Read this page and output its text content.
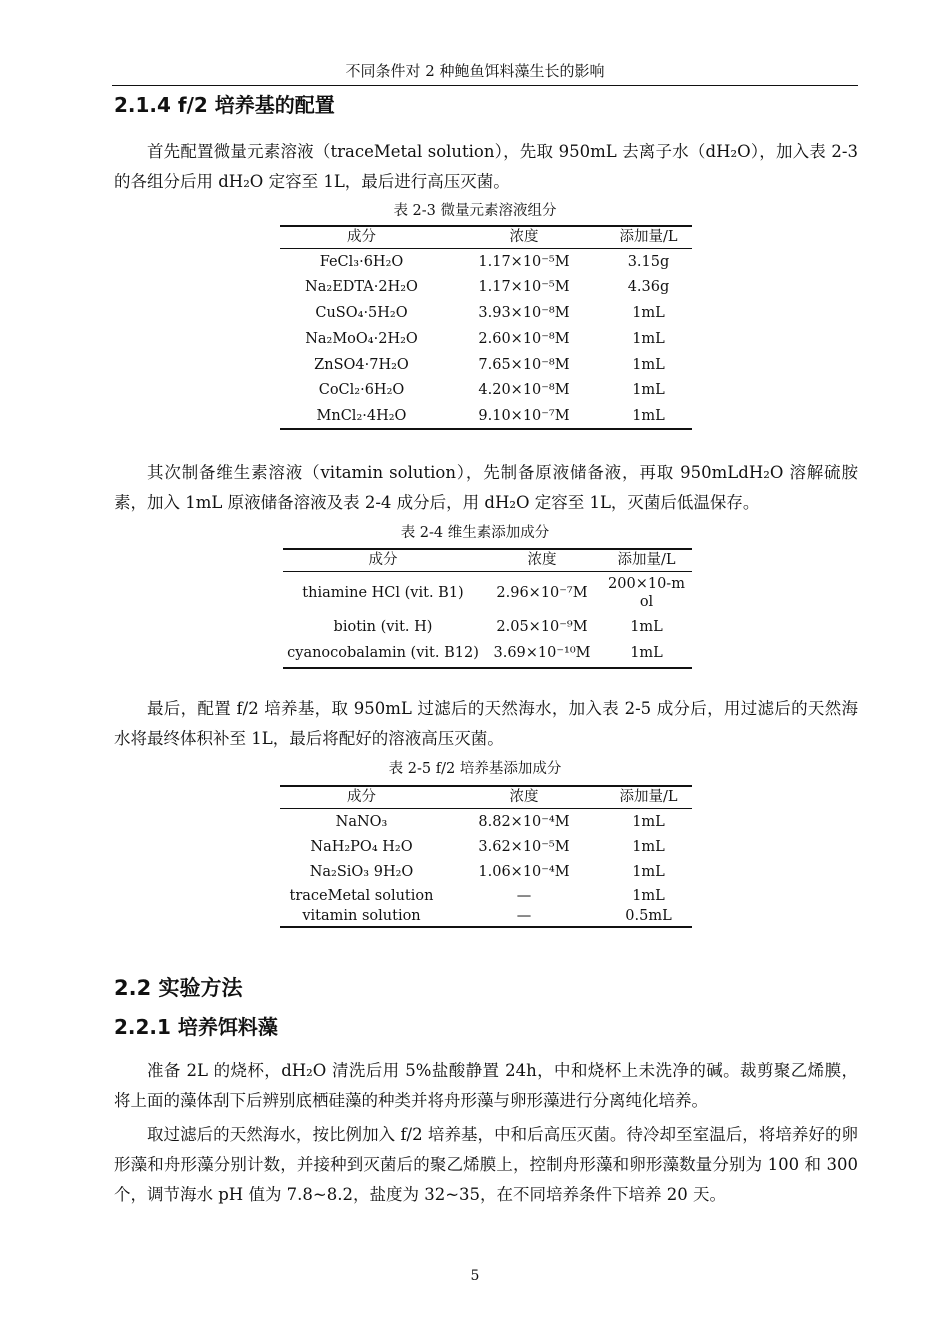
不同条件对 2 种鲍鱼饵料藻生长的影响
2.1.4 f/2 培养基的配置

首先配置微量元素溶液（traceMetal solution），先取 950mL 去离子水（dH₂O），加入表 2-3 的各组分后用 dH₂O 定容至 1L，最后进行高压灭菌。

表 2-3 微量元素溶液组分
成分	浓度	添加量/L
FeCl₃·6H₂O	1.17×10⁻⁵M	3.15g
Na₂EDTA·2H₂O	1.17×10⁻⁵M	4.36g
CuSO₄·5H₂O	3.93×10⁻⁸M	1mL
Na₂MoO₄·2H₂O	2.60×10⁻⁸M	1mL
ZnSO4·7H₂O	7.65×10⁻⁸M	1mL
CoCl₂·6H₂O	4.20×10⁻⁸M	1mL
MnCl₂·4H₂O	9.10×10⁻⁷M	1mL

其次制备维生素溶液（vitamin solution），先制备原液储备液，再取 950mLdH₂O 溶解硫胺素，加入 1mL 原液储备溶液及表 2-4 成分后，用 dH₂O 定容至 1L，灭菌后低温保存。

表 2-4 维生素添加成分
成分	浓度	添加量/L
thiamine HCl (vit. B1)	2.96×10⁻⁷M	200×10-mol
biotin (vit. H)	2.05×10⁻⁹M	1mL
cyanocobalamin (vit. B12)	3.69×10⁻¹⁰M	1mL

最后，配置 f/2 培养基，取 950mL 过滤后的天然海水，加入表 2-5 成分后，用过滤后的天然海水将最终体积补至 1L，最后将配好的溶液高压灭菌。

表 2-5 f/2 培养基添加成分
成分	浓度	添加量/L
NaNO₃	8.82×10⁻⁴M	1mL
NaH₂PO₄ H₂O	3.62×10⁻⁵M	1mL
Na₂SiO₃ 9H₂O	1.06×10⁻⁴M	1mL
traceMetal solution	—	1mL
vitamin solution	—	0.5mL
2.2 实验方法
2.2.1 培养饵料藻

准备 2L 的烧杯，dH₂O 清洗后用 5%盐酸静置 24h，中和烧杯上未洗净的碱。裁剪聚乙烯膜，将上面的藻体刮下后辨别底栖硅藻的种类并将舟形藻与卵形藻进行分离纯化培养。

取过滤后的天然海水，按比例加入 f/2 培养基，中和后高压灭菌。待冷却至室温后，将培养好的卵形藻和舟形藻分别计数，并接种到灭菌后的聚乙烯膜上，控制舟形藻和卵形藻数量分别为 100 和 300 个，调节海水 pH 值为 7.8~8.2，盐度为 32~35，在不同培养条件下培养 20 天。

5
